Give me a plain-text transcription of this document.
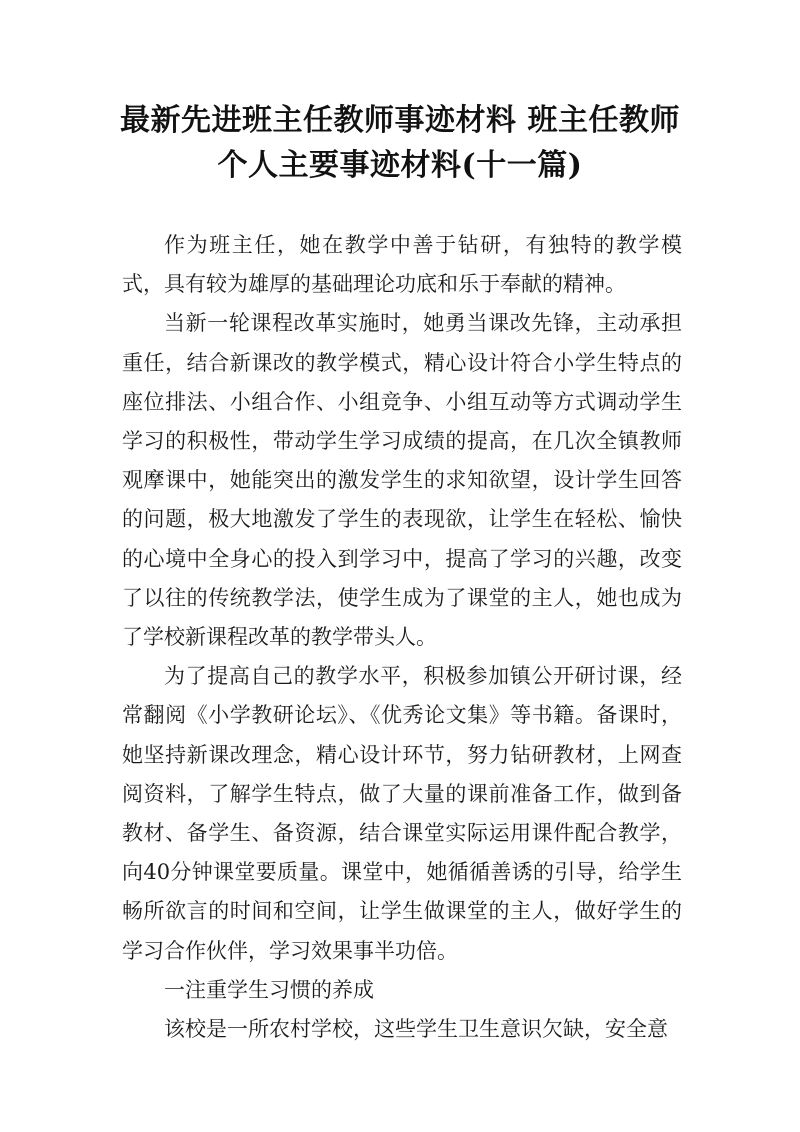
最新先进班主任教师事迹材料 班主任教师
个人主要事迹材料(十一篇)

作为班主任，她在教学中善于钻研，有独特的教学模式，具有较为雄厚的基础理论功底和乐于奉献的精神。

当新一轮课程改革实施时，她勇当课改先锋，主动承担重任，结合新课改的教学模式，精心设计符合小学生特点的座位排法、小组合作、小组竞争、小组互动等方式调动学生学习的积极性，带动学生学习成绩的提高，在几次全镇教师观摩课中，她能突出的激发学生的求知欲望，设计学生回答的问题，极大地激发了学生的表现欲，让学生在轻松、愉快的心境中全身心的投入到学习中，提高了学习的兴趣，改变了以往的传统教学法，使学生成为了课堂的主人，她也成为了学校新课程改革的教学带头人。

为了提高自己的教学水平，积极参加镇公开研讨课，经常翻阅《小学教研论坛》、《优秀论文集》等书籍。备课时，她坚持新课改理念，精心设计环节，努力钻研教材，上网查阅资料，了解学生特点，做了大量的课前准备工作，做到备教材、备学生、备资源，结合课堂实际运用课件配合教学，向40分钟课堂要质量。课堂中，她循循善诱的引导，给学生畅所欲言的时间和空间，让学生做课堂的主人，做好学生的学习合作伙伴，学习效果事半功倍。

一注重学生习惯的养成

该校是一所农村学校，这些学生卫生意识欠缺，安全意
